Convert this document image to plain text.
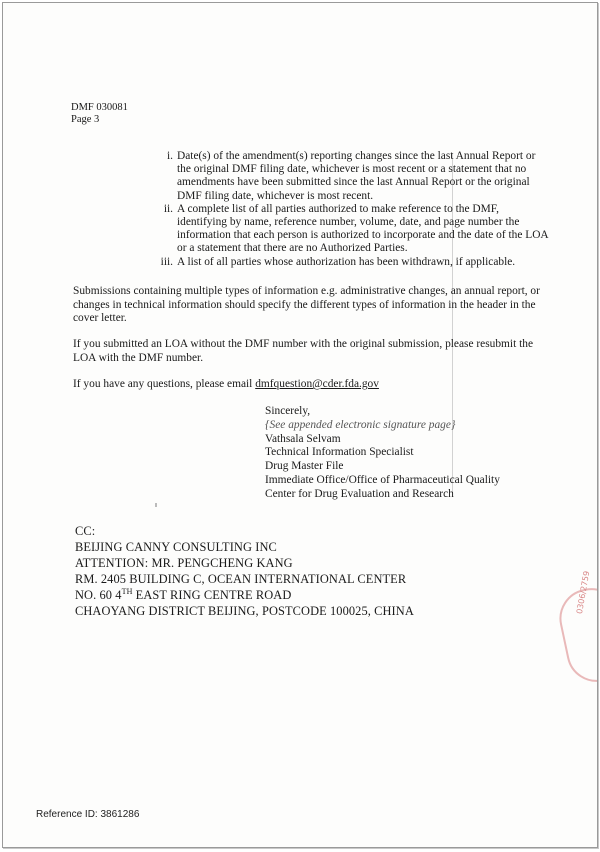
DMF 030081
Page 3
i. Date(s) of the amendment(s) reporting changes since the last Annual Report or the original DMF filing date, whichever is most recent or a statement that no amendments have been submitted since the last Annual Report or the original DMF filing date, whichever is most recent.
ii. A complete list of all parties authorized to make reference to the DMF, identifying by name, reference number, volume, date, and page number the information that each person is authorized to incorporate and the date of the LOA or a statement that there are no Authorized Parties.
iii. A list of all parties whose authorization has been withdrawn, if applicable.

Submissions containing multiple types of information e.g. administrative changes, an annual report, or changes in technical information should specify the different types of information in the header in the cover letter.

If you submitted an LOA without the DMF number with the original submission, please resubmit the LOA with the DMF number.

If you have any questions, please email dmfquestion@cder.fda.gov

Sincerely,
{See appended electronic signature page}
Vathsala Selvam
Technical Information Specialist
Drug Master File
Immediate Office/Office of Pharmaceutical Quality
Center for Drug Evaluation and Research
CC:
BEIJING CANNY CONSULTING INC
ATTENTION: MR. PENGCHENG KANG
RM. 2405 BUILDING C, OCEAN INTERNATIONAL CENTER
NO. 60 4TH EAST RING CENTRE ROAD
CHAOYANG DISTRICT BEIJING, POSTCODE 100025, CHINA	0306/2759
Reference ID: 3861286
